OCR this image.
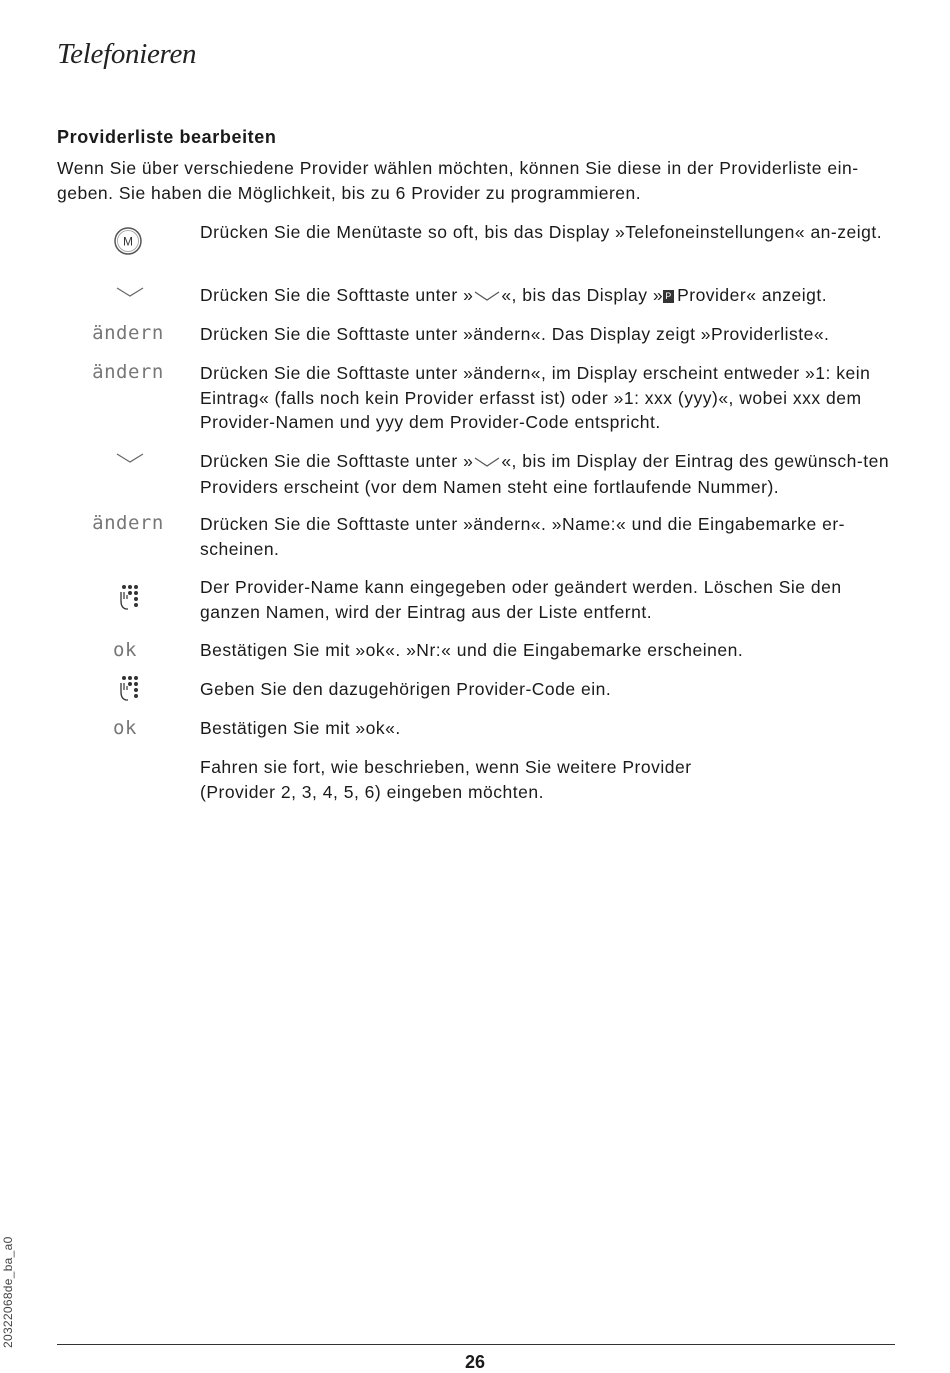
Telefonieren
Providerliste bearbeiten
Wenn Sie über verschiedene Provider wählen möchten, können Sie diese in der Providerliste ein-geben. Sie haben die Möglichkeit, bis zu 6 Provider zu programmieren.
M	Drücken Sie die Menütaste so oft, bis das Display »Telefoneinstellungen« an-zeigt.
Drücken Sie die Softtaste unter » «, bis das Display » P Provider« anzeigt.
ändern Drücken Sie die Softtaste unter »ändern«. Das Display zeigt »Providerliste«.
ändern Drücken Sie die Softtaste unter »ändern«, im Display erscheint entweder »1: kein Eintrag« (falls noch kein Provider erfasst ist) oder »1: xxx (yyy)«, wobei xxx dem Provider-Namen und yyy dem Provider-Code entspricht.
Drücken Sie die Softtaste unter » «, bis im Display der Eintrag des gewünsch-ten Providers erscheint (vor dem Namen steht eine fortlaufende Nummer).
ändern Drücken Sie die Softtaste unter »ändern«. »Name:« und die Eingabemarke er-scheinen.
Der Provider-Name kann eingegeben oder geändert werden. Löschen Sie den ganzen Namen, wird der Eintrag aus der Liste entfernt.
ok	Bestätigen Sie mit »ok«. »Nr:« und die Eingabemarke erscheinen.
Geben Sie den dazugehörigen Provider-Code ein.
ok	Bestätigen Sie mit »ok«.
Fahren sie fort, wie beschrieben, wenn Sie weitere Provider (Provider 2, 3, 4, 5, 6) eingeben möchten.
20322068de_ba_a0
26
